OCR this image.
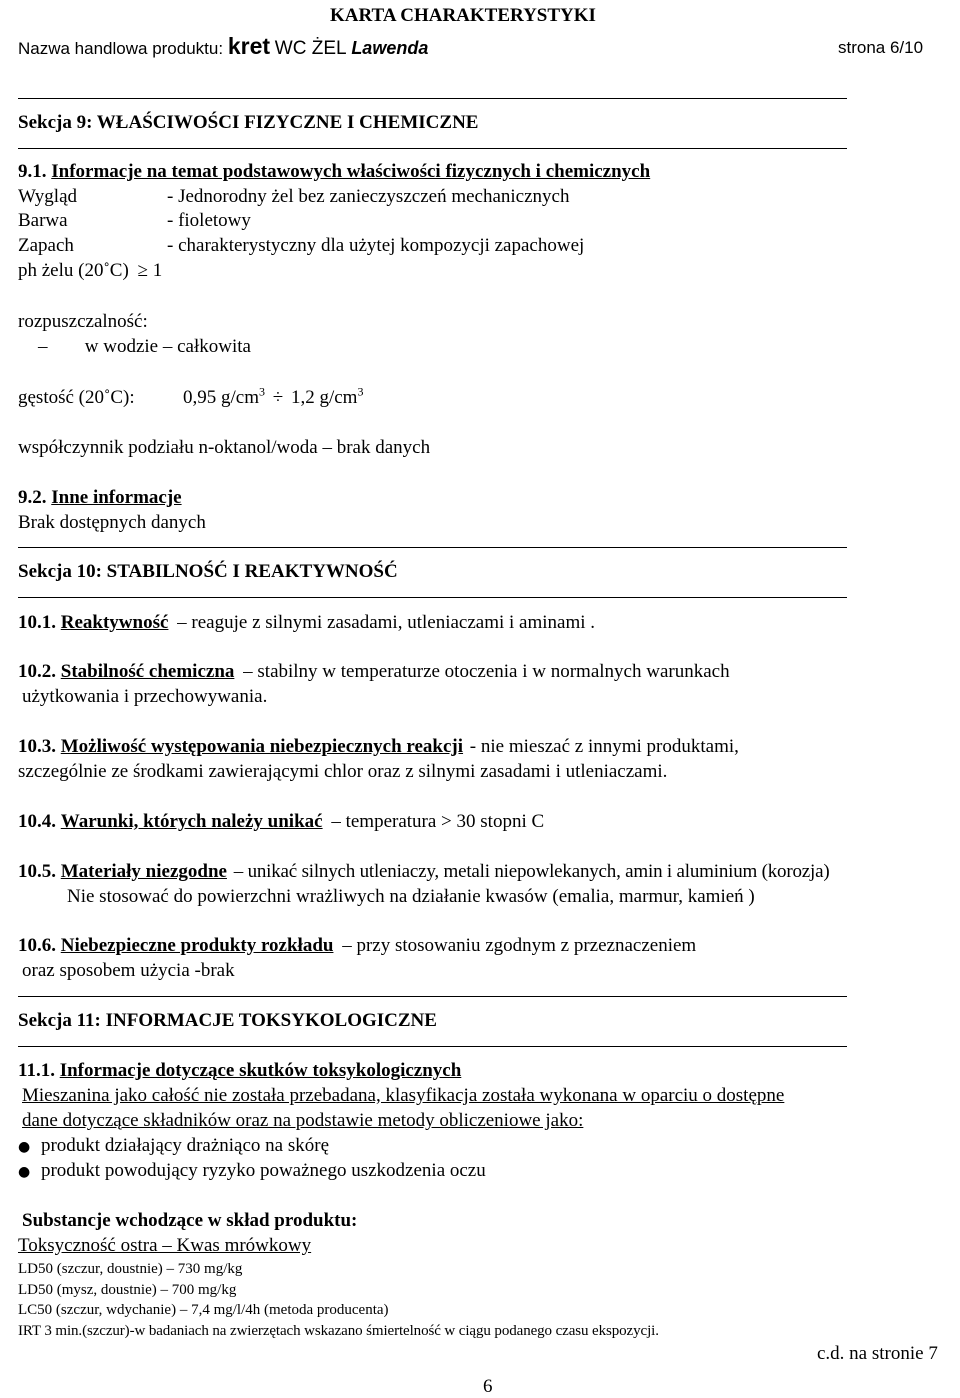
KARTA CHARAKTERYSTYKI
Nazwa handlowa produktu: kret WC ŻEL Lawenda	strona 6/10
Sekcja 9: WŁAŚCIWOŚCI FIZYCZNE I CHEMICZNE
9.1. Informacje na temat podstawowych właściwości fizycznych i chemicznych
Wygląd	- Jednorodny żel bez zanieczyszczeń mechanicznych
Barwa	- fioletowy
Zapach	- charakterystyczny dla użytej kompozycji zapachowej
ph żelu (20˚C) ≥ 1
rozpuszczalność:
– w wodzie – całkowita
gęstość (20˚C):	0,95 $g/cm^3 \div 1,2$ $g/cm^3$
współczynnik podziału n-oktanol/woda – brak danych
9.2. Inne informacje
Brak dostępnych danych
Sekcja 10: STABILNOŚĆ I REAKTYWNOŚĆ
10.1. Reaktywność – reaguje z silnymi zasadami, utleniaczami i aminami .
10.2. Stabilność chemiczna – stabilny w temperaturze otoczenia i w normalnych warunkach
użytkowania i przechowywania.
10.3. Możliwość występowania niebezpiecznych reakcji - nie mieszać z innymi produktami,
szczególnie ze środkami zawierającymi chlor oraz z silnymi zasadami i utleniaczami.
10.4. Warunki, których należy unikać – temperatura > 30 stopni C
10.5. Materiały niezgodne – unikać silnych utleniaczy, metali niepowlekanych, amin i aluminium (korozja)
Nie stosować do powierzchni wrażliwych na działanie kwasów (emalia, marmur, kamień )
10.6. Niebezpieczne produkty rozkładu – przy stosowaniu zgodnym z przeznaczeniem
oraz sposobem użycia -brak
Sekcja 11: INFORMACJE TOKSYKOLOGICZNE
11.1. Informacje dotyczące skutków toksykologicznych
Mieszanina jako całość nie została przebadana, klasyfikacja została wykonana w oparciu o dostępne
dane dotyczące składników oraz na podstawie metody obliczeniowe jako:
● produkt działający drażniąco na skórę
● produkt powodujący ryzyko poważnego uszkodzenia oczu
Substancje wchodzące w skład produktu:
Toksyczność ostra – Kwas mrówkowy
LD50 (szczur, doustnie) – 730 mg/kg
LD50 (mysz, doustnie) – 700 mg/kg
LC50 (szczur, wdychanie) – 7,4 mg/l/4h (metoda producenta)
IRT 3 min.(szczur)-w badaniach na zwierzętach wskazano śmiertelność w ciągu podanego czasu ekspozycji.
c.d. na stronie 7
6
